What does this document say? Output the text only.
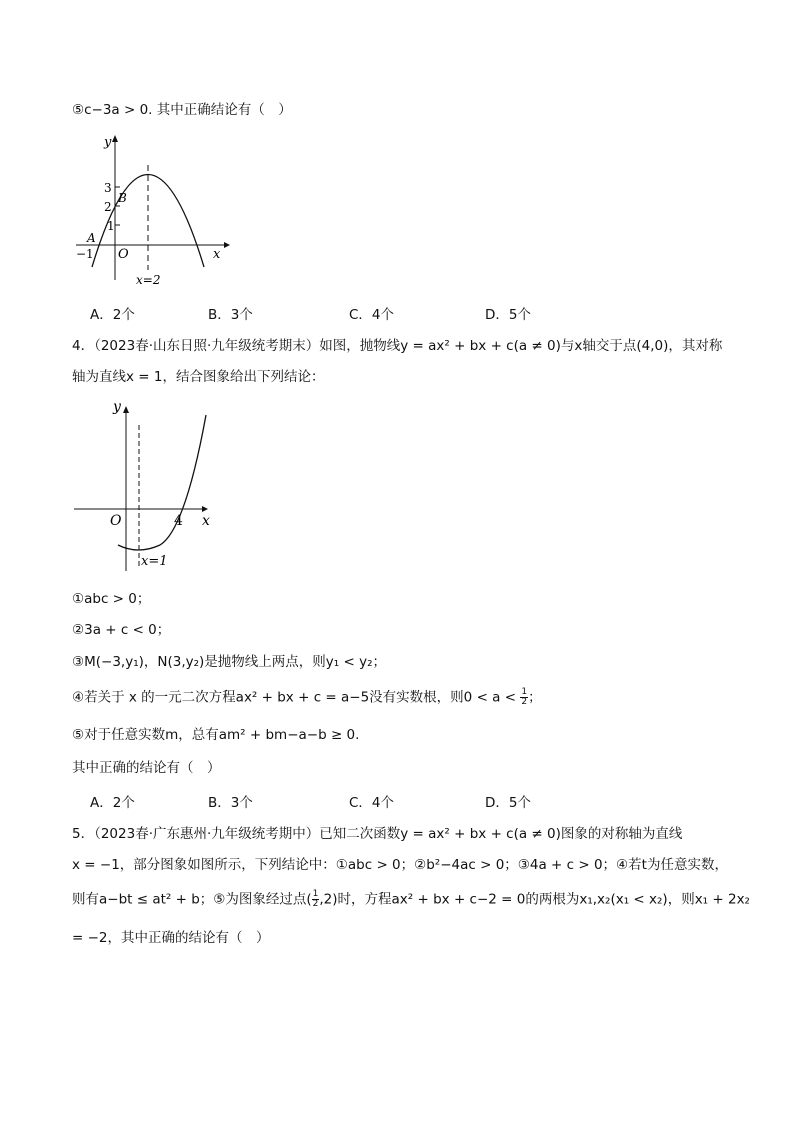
⑤c−3a > 0. 其中正确结论有（　）
y
x
O
3
2
1
−1
A
B
x=2
A．2个	B．3个	C．4个	D．5个
4．（2023春·山东日照·九年级统考期末）如图，抛物线y = ax² + bx + c(a ≠ 0)与x轴交于点(4,0)，其对称
轴为直线x = 1，结合图象给出下列结论：
y
x
O	4
x=1
①abc > 0；
②3a + c < 0；
③M(−3,y₁)，N(3,y₂)是抛物线上两点，则y₁ < y₂；
④若关于 x 的一元二次方程ax² + bx + c = a−5没有实数根，则$0 < a < \frac{1}{2}$ ；
⑤对于任意实数m，总有am² + bm−a−b ≥ 0.
其中正确的结论有（　）
A．2个	B．3个	C．4个	D．5个
5．（2023春·广东惠州·九年级统考期中）已知二次函数y = ax² + bx + c(a ≠ 0)图象的对称轴为直线
x = −1，部分图象如图所示，下列结论中：①abc > 0；②b²−4ac > 0；③4a + c > 0；④若t为任意实数，
则有a−bt ≤ at² + b；⑤为图象经过点( $\frac{1}{2} ,2$)时，方程ax² + bx + c−2 = 0的两根为x₁,x₂(x₁ < x₂)，则x₁ + 2x₂
= −2，其中正确的结论有（　）
